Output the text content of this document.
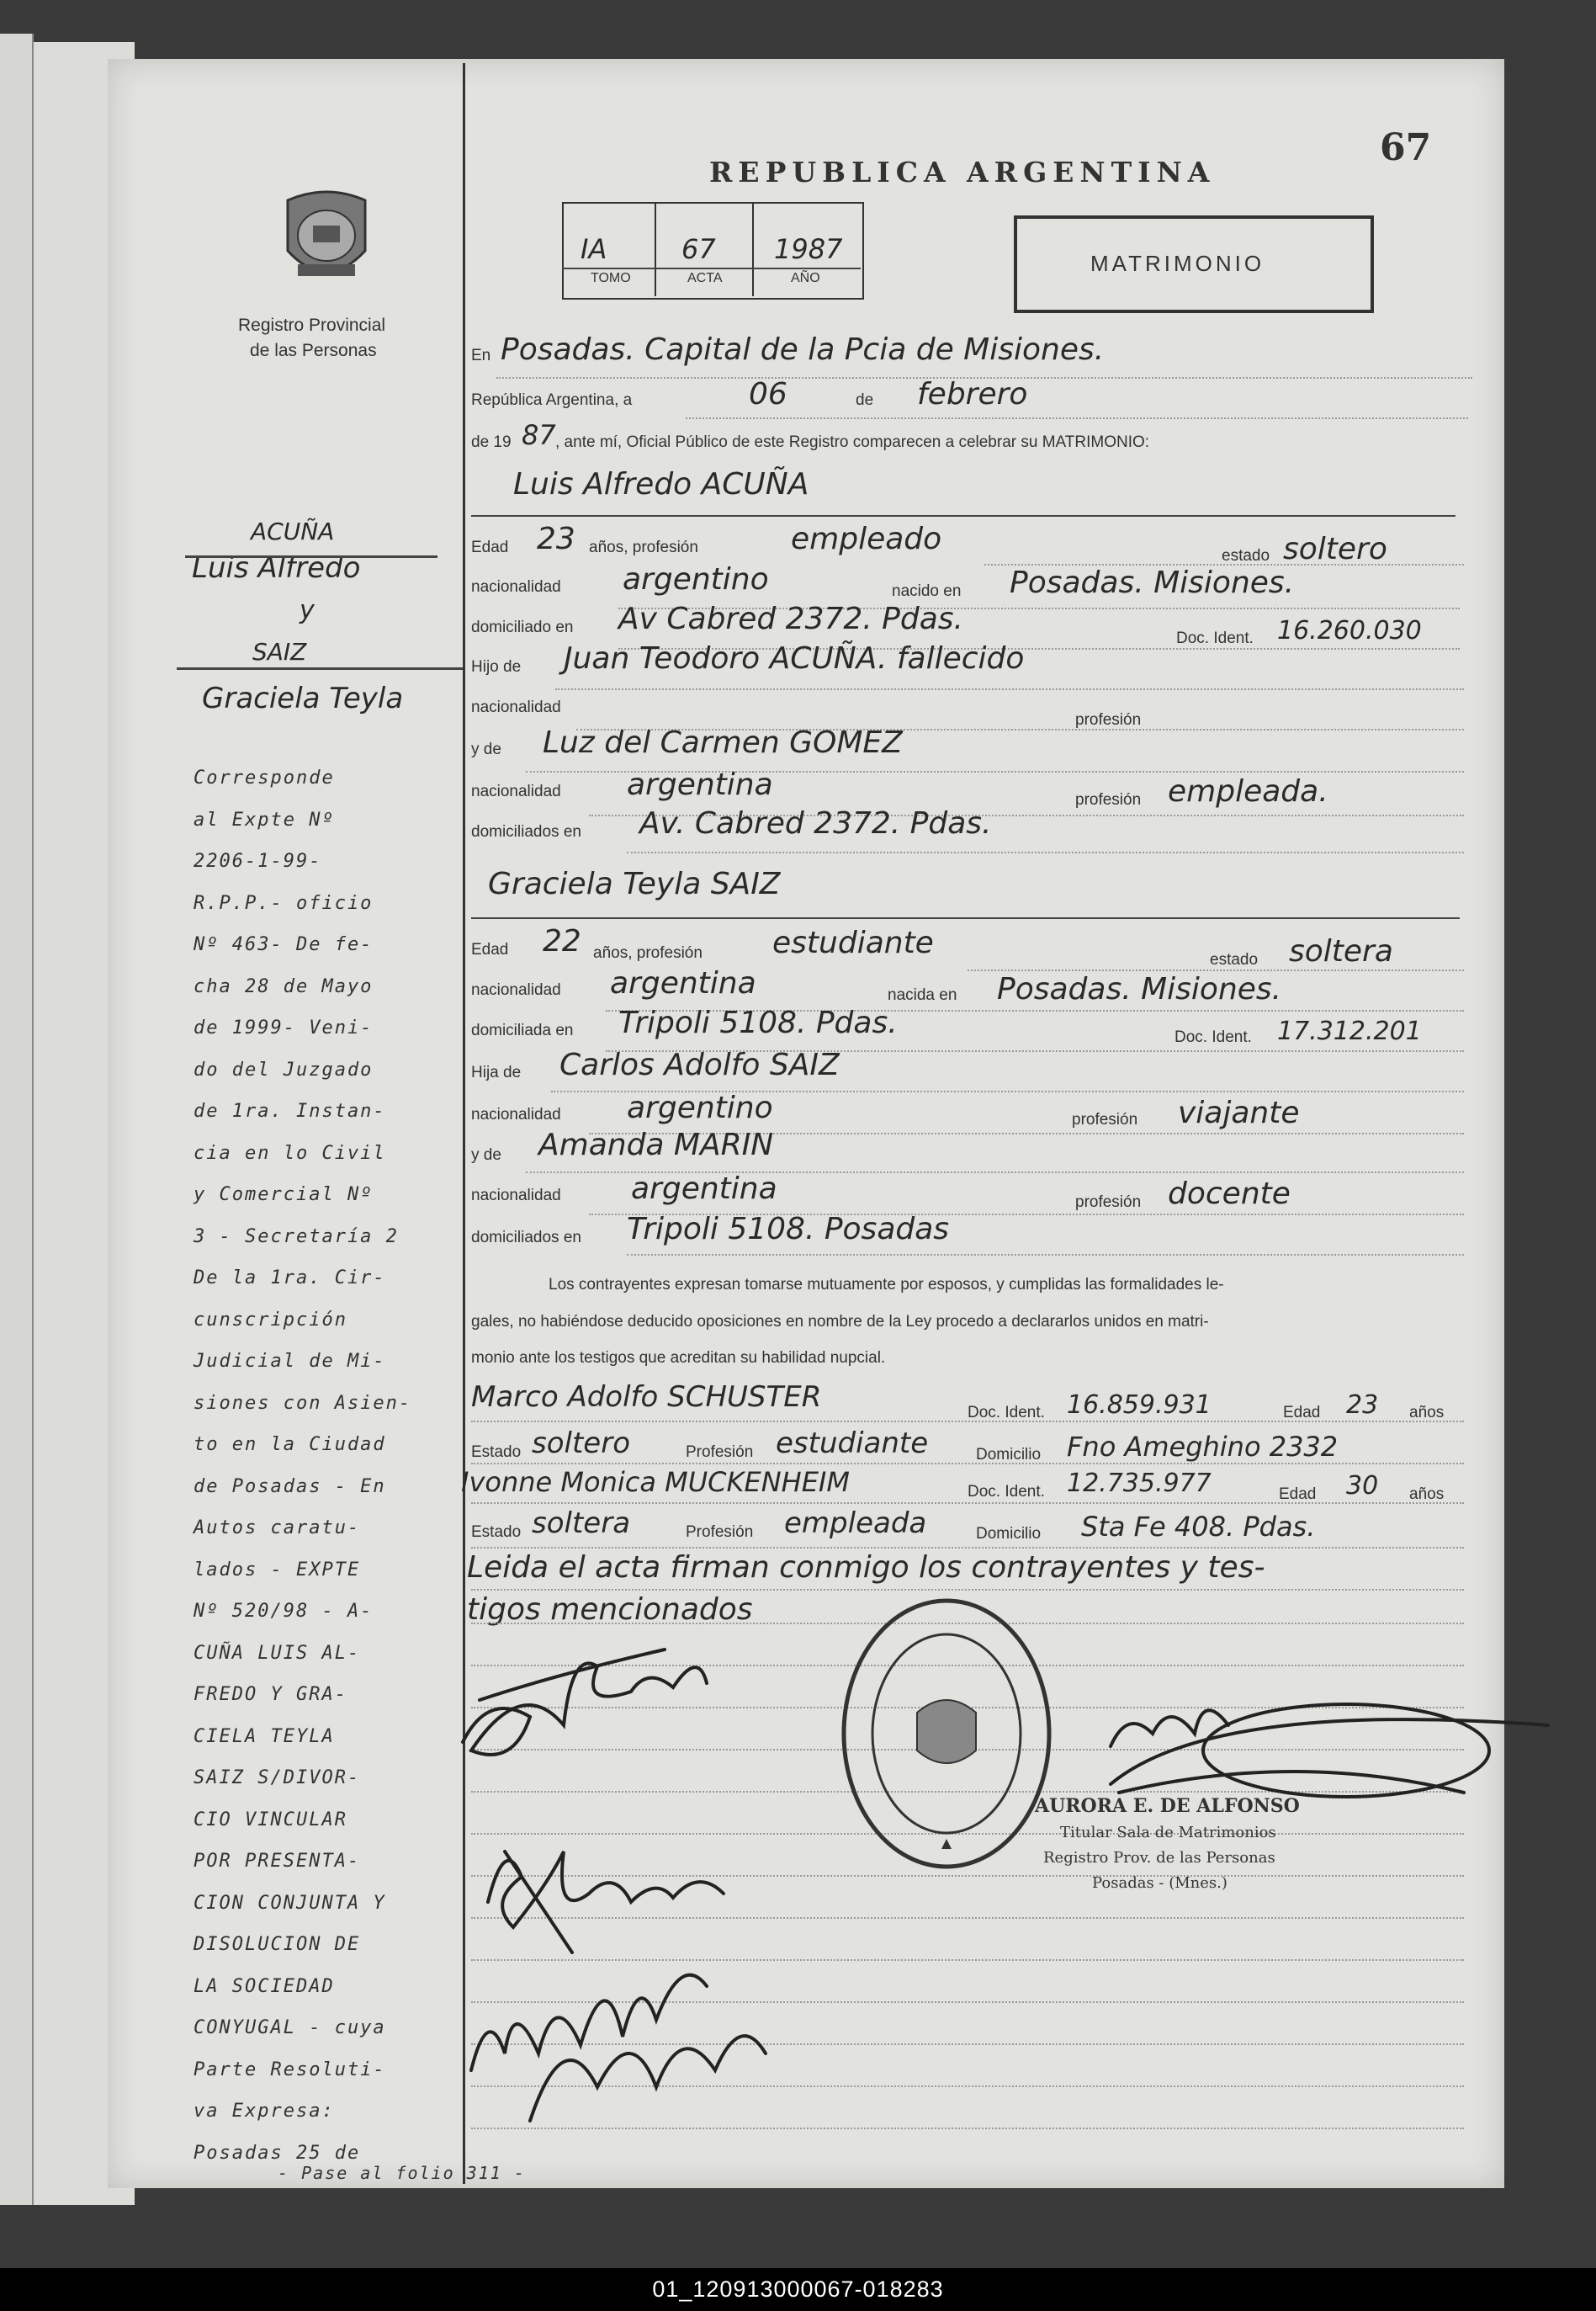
67
REPUBLICA ARGENTINA
Registro Provincial
de las Personas
IA	67 1987
TOMO	ACTA	AÑO
MATRIMONIO
En Posadas. Capital de la Pcia de Misiones.
República Argentina, a	06	de febrero
de 19 87 , ante mí, Oficial Público de este Registro comparecen a celebrar su MATRIMONIO:
Luis Alfredo ACUÑA
Edad 23 años, profesión	empleado	estado soltero
nacionalidad argentino	nacido en Posadas. Misiones.
domiciliado en Av Cabred 2372. Pdas.
Doc. Ident. 16.260.030
Hijo de Juan Teodoro ACUÑA. fallecido
nacionalidad
profesión
y de Luz del Carmen GOMEZ
nacionalidad argentina	profesión empleada.
domiciliados en Av. Cabred 2372. Pdas.
Graciela Teyla SAIZ
Edad 22 años, profesión estudiante	estado soltera
nacionalidad argentina	nacida en Posadas. Misiones.
domiciliada en Tripoli 5108. Pdas.	Doc. Ident. 17.312.201
Hija de Carlos Adolfo SAIZ
nacionalidad argentino	profesión viajante
y de Amanda MARIN
nacionalidad argentina	profesión docente
domiciliados en Tripoli 5108. Posadas
Los contrayentes expresan tomarse mutuamente por esposos, y cumplidas las formalidades le-
gales, no habiéndose deducido oposiciones en nombre de la Ley procedo a declararlos unidos en matri-
monio ante los testigos que acreditan su habilidad nupcial.
Marco Adolfo SCHUSTER	Doc. Ident. 16.859.931	Edad 23 años
Estado soltero	Profesión estudiante	Domicilio Fno Ameghino 2332
Ivonne Monica MUCKENHEIM	Doc. Ident. 12.735.977	Edad 30 años
Estado soltera	Profesión empleada	Domicilio Sta Fe 408. Pdas.
Leida el acta firman conmigo los contrayentes y tes-
tigos mencionados
AURORA E. DE ALFONSO
Titular Sala de Matrimonios
Registro Prov. de las Personas
Posadas - (Mnes.)
ACUÑA
Luis Alfredo
y
SAIZ
Graciela Teyla
Corresponde
al Expte Nº
2206-1-99-
R.P.P.- oficio
Nº 463- De fe-
cha 28 de Mayo
de 1999- Veni-
do del Juzgado
de 1ra. Instan-
cia en lo Civil
y Comercial Nº
3 - Secretaría 2
De la 1ra. Cir-
cunscripción
Judicial de Mi-
siones con Asien-
to en la Ciudad
de Posadas - En
Autos caratu-
lados - EXPTE
Nº 520/98 - A-
CUÑA LUIS AL-
FREDO Y GRA-
CIELA TEYLA
SAIZ S/DIVOR-
CIO VINCULAR
POR PRESENTA-
CION CONJUNTA Y
DISOLUCION DE
LA SOCIEDAD
CONYUGAL - cuya
Parte Resoluti-
va Expresa:
Posadas 25 de
- Pase al folio 311 -
01_120913000067-018283
